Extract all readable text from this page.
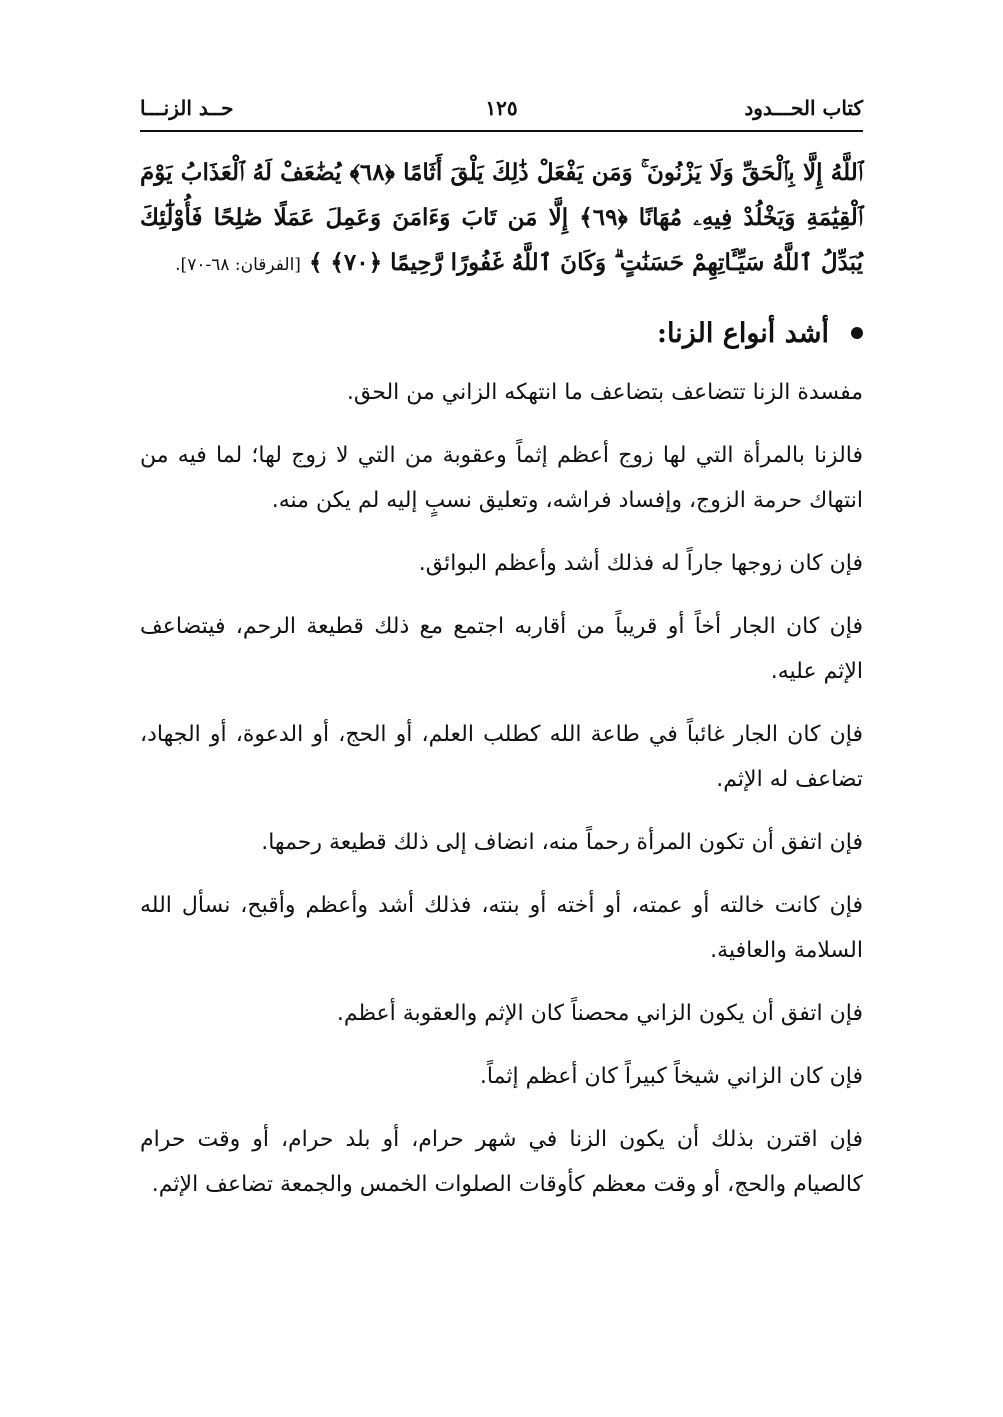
كتاب الحـــدود
١٢٥
حــد الزنـــا

ﭐللَّهُ إِلَّا بِٱلْحَقِّ وَلَا يَزْنُونَ ۚ وَمَن يَفْعَلْ ذَٰلِكَ يَلْقَ أَثَامًا ﴿٦٨﴾ يُضَٰعَفْ لَهُ ٱلْعَذَابُ يَوْمَ ٱلْقِيَٰمَةِ وَيَخْلُدْ فِيهِۦ مُهَانًا ﴿٦٩﴾ إِلَّا مَن تَابَ وَءَامَنَ وَعَمِلَ عَمَلًا صَٰلِحًا فَأُوْلَٰٓئِكَ يُبَدِّلُ ٱللَّهُ سَيِّـَٔاتِهِمْ حَسَنَٰتٍ ۗ وَكَانَ ٱللَّهُ غَفُورًا رَّحِيمًا ﴿٧٠﴾ ﴾ [الفرقان: ٦٨-٧٠].

أشد أنواع الزنا:

مفسدة الزنا تتضاعف بتضاعف ما انتهكه الزاني من الحق.

فالزنا بالمرأة التي لها زوج أعظم إثماً وعقوبة من التي لا زوج لها؛ لما فيه من انتهاك حرمة الزوج، وإفساد فراشه، وتعليق نسبٍ إليه لم يكن منه.

فإن كان زوجها جاراً له فذلك أشد وأعظم البوائق.

فإن كان الجار أخاً أو قريباً من أقاربه اجتمع مع ذلك قطيعة الرحم، فيتضاعف الإثم عليه.

فإن كان الجار غائباً في طاعة الله كطلب العلم، أو الحج، أو الدعوة، أو الجهاد، تضاعف له الإثم.

فإن اتفق أن تكون المرأة رحماً منه، انضاف إلى ذلك قطيعة رحمها.

فإن كانت خالته أو عمته، أو أخته أو بنته، فذلك أشد وأعظم وأقبح، نسأل الله السلامة والعافية.

فإن اتفق أن يكون الزاني محصناً كان الإثم والعقوبة أعظم.

فإن كان الزاني شيخاً كبيراً كان أعظم إثماً.

فإن اقترن بذلك أن يكون الزنا في شهر حرام، أو بلد حرام، أو وقت حرام كالصيام والحج، أو وقت معظم كأوقات الصلوات الخمس والجمعة تضاعف الإثم.
